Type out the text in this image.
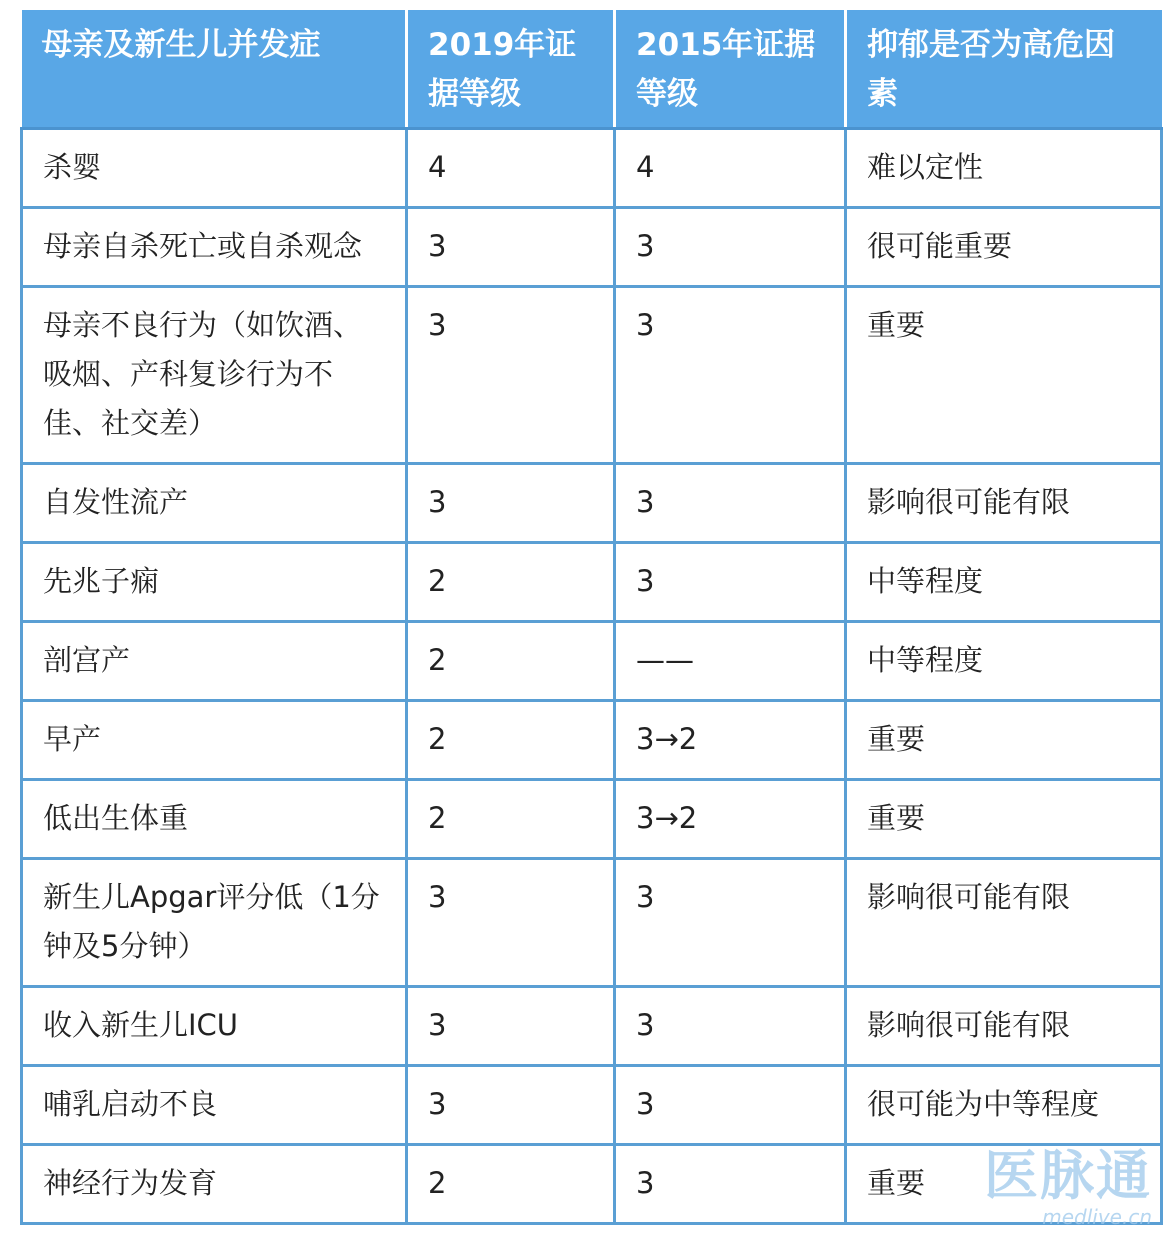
母亲及新生儿并发症	2019年证据等级	2015年证据等级	抑郁是否为高危因素
杀婴	4	4	难以定性
母亲自杀死亡或自杀观念	3	3	很可能重要
母亲不良行为（如饮酒、吸烟、产科复诊行为不佳、社交差）	3	3	重要
自发性流产	3	3	影响很可能有限
先兆子痫	2	3	中等程度
剖宫产	2	——	中等程度
早产	2	3→2	重要
低出生体重	2	3→2	重要
新生儿Apgar评分低（1分钟及5分钟）	3	3	影响很可能有限
收入新生儿ICU	3	3	影响很可能有限
哺乳启动不良	3	3	很可能为中等程度
神经行为发育	2	3	重要 医脉通
medlive.cn
